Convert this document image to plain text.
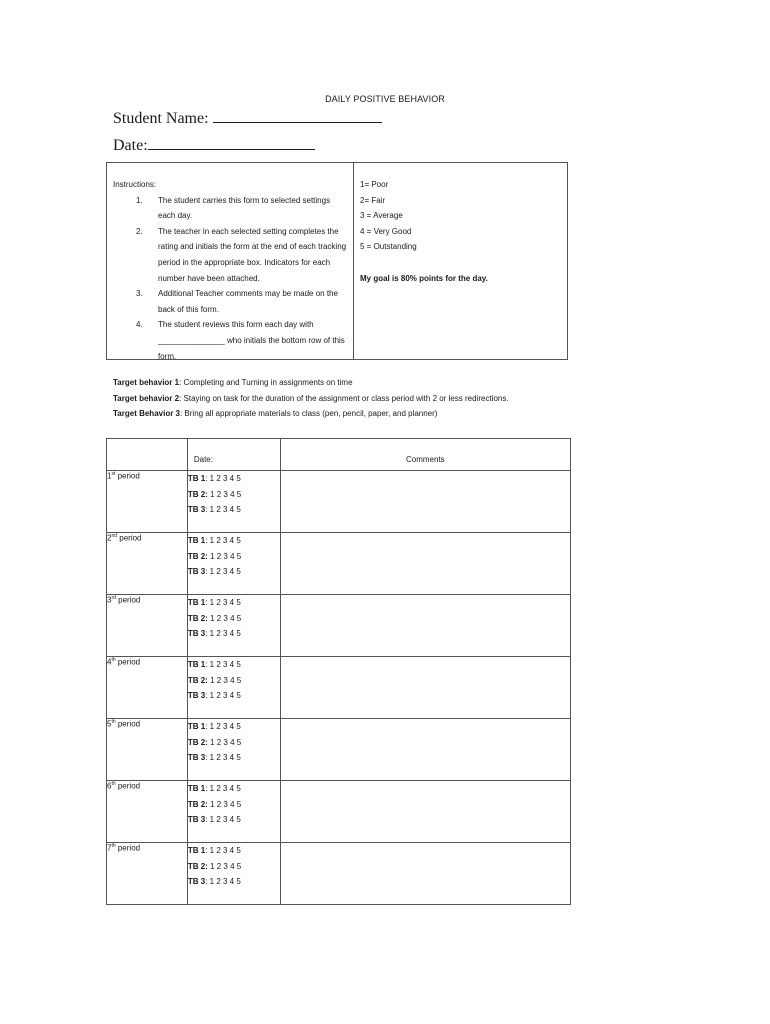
DAILY POSITIVE BEHAVIOR
Student Name:
Date:
Instructions:
1. The student carries this form to selected settings each day.
2. The teacher in each selected setting completes the rating and initials the form at the end of each tracking period in the appropriate box. Indicators for each number have been attached.
3. Additional Teacher comments may be made on the back of this form.
4. The student reviews this form each day with _______________ who initials the bottom row of this form.
1= Poor
2= Fair
3 = Average
4 = Very Good
5 = Outstanding
My goal is 80% points for the day.
Target behavior 1: Completing and Turning in assignments on time
Target behavior 2: Staying on task for the duration of the assignment or class period with 2 or less redirections.
Target Behavior 3: Bring all appropriate materials to class (pen, pencil, paper, and planner)
	Date:	Comments
1st period	TB 1: 1 2 3 4 5
TB 2: 1 2 3 4 5
TB 3: 1 2 3 4 5	

2nd period	TB 1: 1 2 3 4 5
TB 2: 1 2 3 4 5
TB 3: 1 2 3 4 5	

3rd period	TB 1: 1 2 3 4 5
TB 2: 1 2 3 4 5
TB 3: 1 2 3 4 5	

4th period	TB 1: 1 2 3 4 5
TB 2: 1 2 3 4 5
TB 3: 1 2 3 4 5	

5th period	TB 1: 1 2 3 4 5
TB 2: 1 2 3 4 5
TB 3: 1 2 3 4 5	

6th period	TB 1: 1 2 3 4 5
TB 2: 1 2 3 4 5
TB 3: 1 2 3 4 5	

7th period	TB 1: 1 2 3 4 5
TB 2: 1 2 3 4 5
TB 3: 1 2 3 4 5	
